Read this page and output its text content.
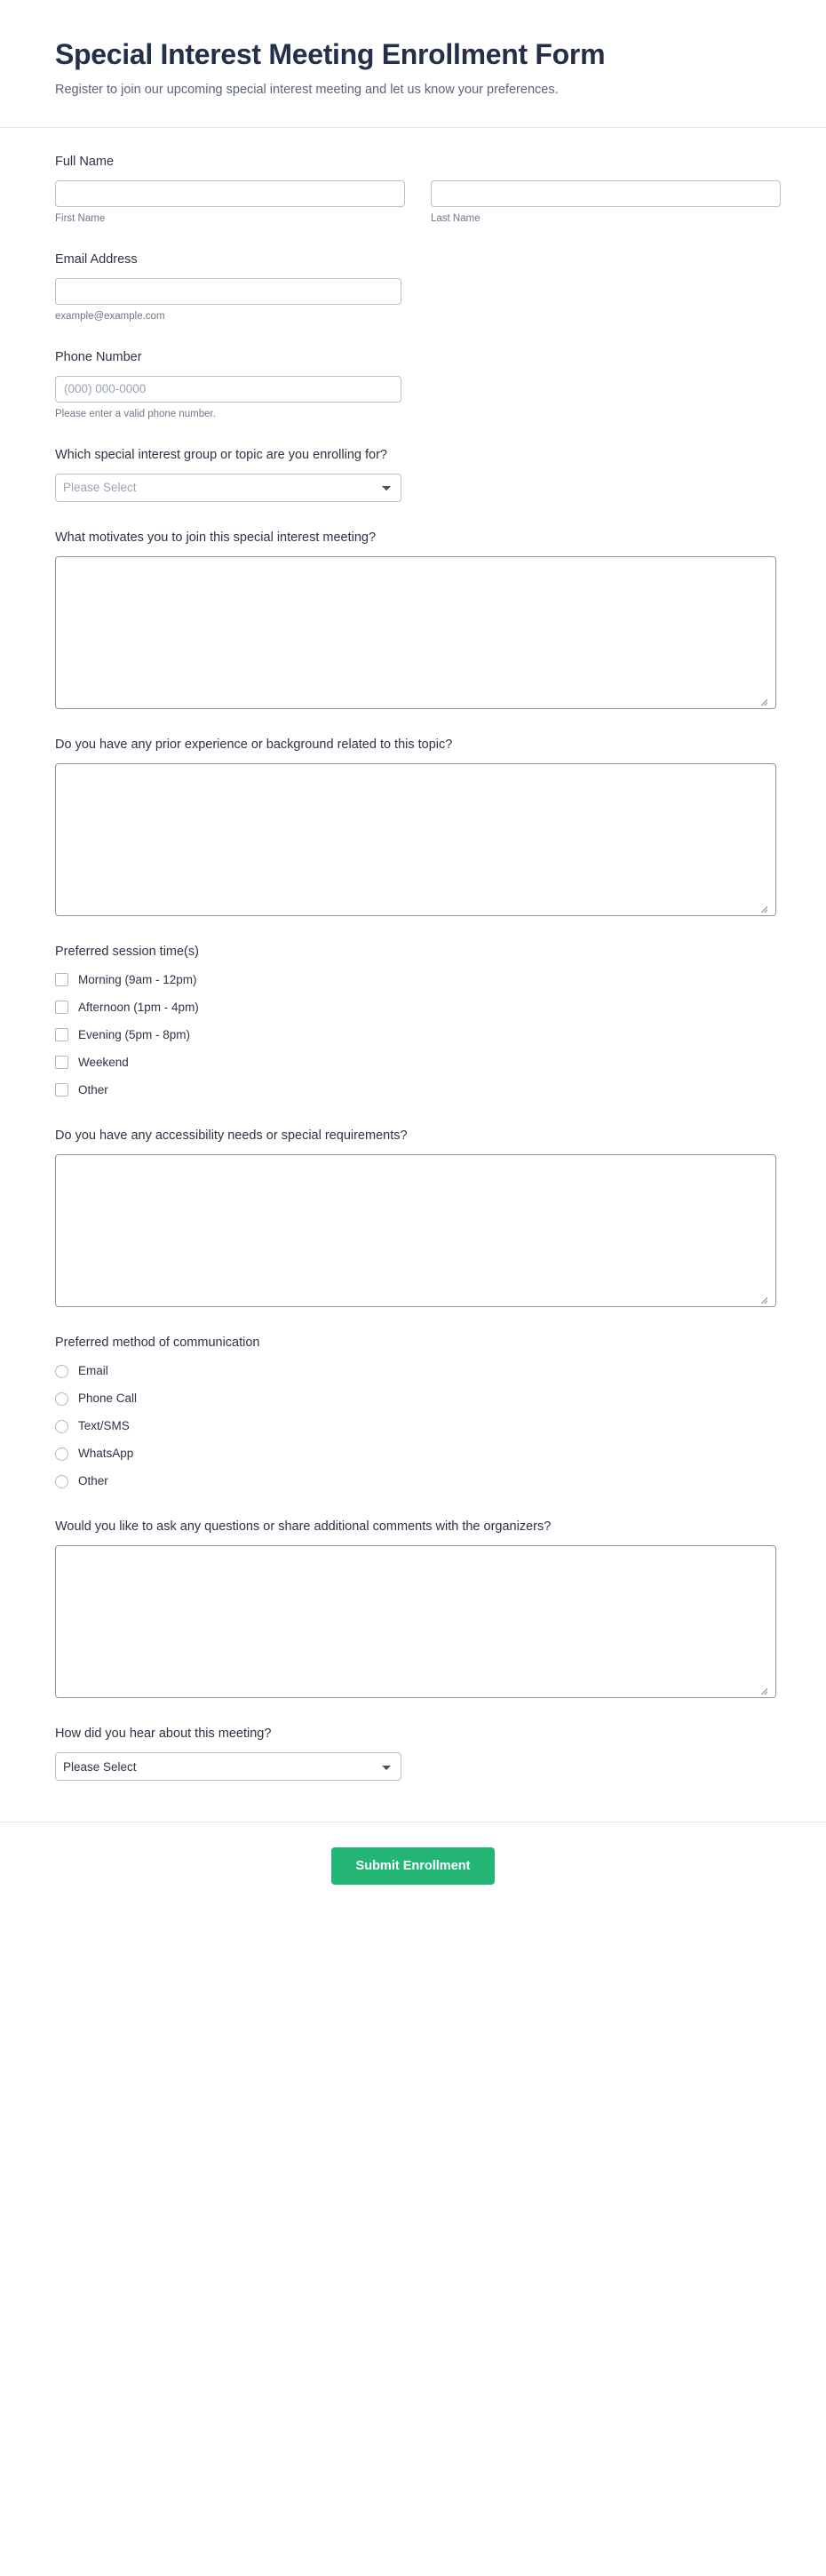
Special Interest Meeting Enrollment Form

Register to join our upcoming special interest meeting and let us know your preferences.

Full Name
First Name	Last Name
Email Address
example@example.com
Phone Number
(000) 000-0000
Please enter a valid phone number.
Which special interest group or topic are you enrolling for?
Please Select
What motivates you to join this special interest meeting?
Do you have any prior experience or background related to this topic?
Preferred session time(s)
Morning (9am - 12pm)
Afternoon (1pm - 4pm)
Evening (5pm - 8pm)
Weekend
Other
Do you have any accessibility needs or special requirements?
Preferred method of communication
Email
Phone Call
Text/SMS
WhatsApp
Other
Would you like to ask any questions or share additional comments with the organizers?
How did you hear about this meeting?
Please Select
Submit Enrollment
